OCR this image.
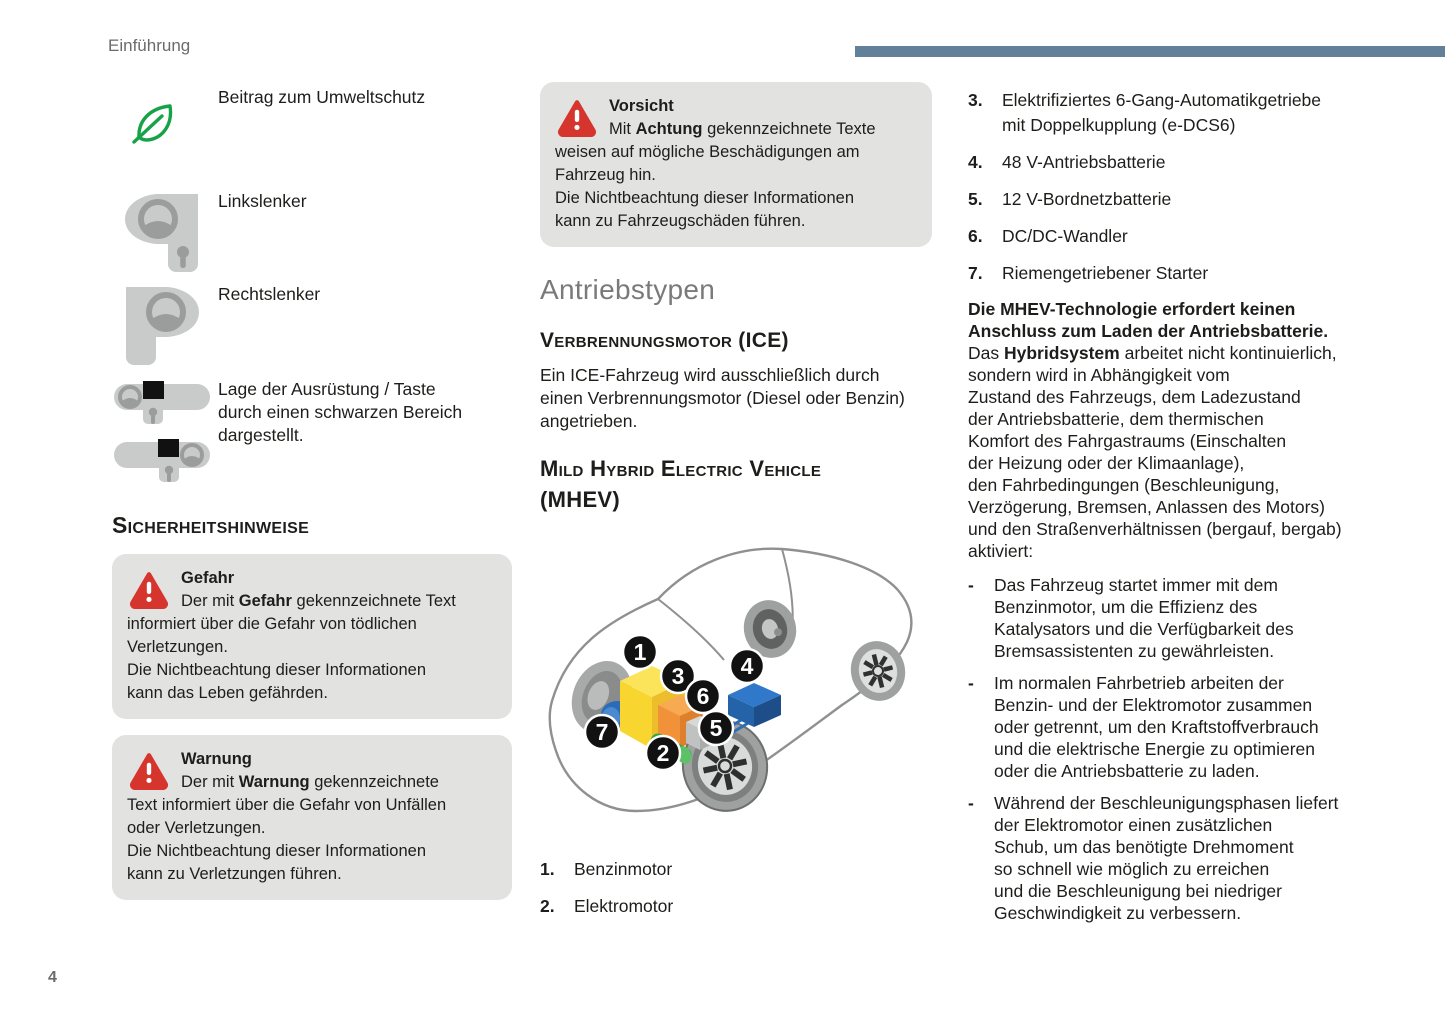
Einführung
4
Beitrag zum Umweltschutz
Linkslenker
Rechtslenker
Lage der Ausrüstung / Taste
durch einen schwarzen Bereich
dargestellt.
Sicherheitshinweise
Gefahr
Der mit Gefahr gekennzeichnete Text
informiert über die Gefahr von tödlichen
Verletzungen.
Die Nichtbeachtung dieser Informationen
kann das Leben gefährden.
Warnung
Der mit Warnung gekennzeichnete
Text informiert über die Gefahr von Unfällen
oder Verletzungen.
Die Nichtbeachtung dieser Informationen
kann zu Verletzungen führen.
Vorsicht
Mit Achtung gekennzeichnete Texte
weisen auf mögliche Beschädigungen am
Fahrzeug hin.
Die Nichtbeachtung dieser Informationen
kann zu Fahrzeugschäden führen.
Antriebstypen
Verbrennungsmotor (ICE)
Ein ICE-Fahrzeug wird ausschließlich durch
einen Verbrennungsmotor (Diesel oder Benzin)
angetrieben.
Mild Hybrid Electric Vehicle
(MHEV)
1
3
6
4
5
2
7
1.	Benzinmotor
2.	Elektromotor
3.	Elektrifiziertes 6-Gang-Automatikgetriebe
mit Doppelkupplung (e-DCS6)
4.	48 V-Antriebsbatterie
5.	12 V-Bordnetzbatterie
6.	DC/DC-Wandler
7.	Riemengetriebener Starter
Die MHEV-Technologie erfordert keinen
Anschluss zum Laden der Antriebsbatterie.
Das Hybridsystem arbeitet nicht kontinuierlich,
sondern wird in Abhängigkeit vom
Zustand des Fahrzeugs, dem Ladezustand
der Antriebsbatterie, dem thermischen
Komfort des Fahrgastraums (Einschalten
der Heizung oder der Klimaanlage),
den Fahrbedingungen (Beschleunigung,
Verzögerung, Bremsen, Anlassen des Motors)
und den Straßenverhältnissen (bergauf, bergab)
aktiviert:
-	Das Fahrzeug startet immer mit dem
Benzinmotor, um die Effizienz des
Katalysators und die Verfügbarkeit des
Bremsassistenten zu gewährleisten.
-	Im normalen Fahrbetrieb arbeiten der
Benzin- und der Elektromotor zusammen
oder getrennt, um den Kraftstoffverbrauch
und die elektrische Energie zu optimieren
oder die Antriebsbatterie zu laden.
-	Während der Beschleunigungsphasen liefert
der Elektromotor einen zusätzlichen
Schub, um das benötigte Drehmoment
so schnell wie möglich zu erreichen
und die Beschleunigung bei niedriger
Geschwindigkeit zu verbessern.
